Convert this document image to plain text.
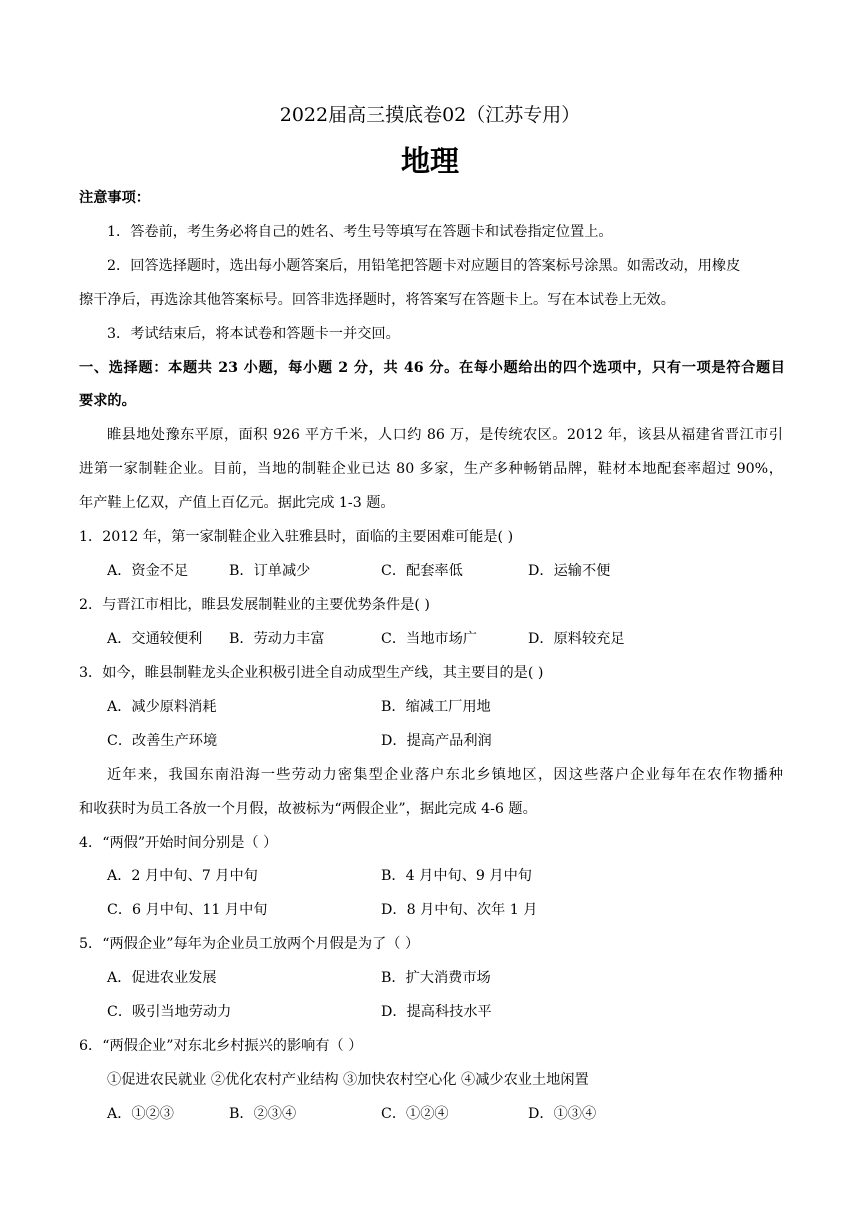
2022届高三摸底卷02（江苏专用）
地理
注意事项：
1．答卷前，考生务必将自己的姓名、考生号等填写在答题卡和试卷指定位置上。
2．回答选择题时，选出每小题答案后，用铅笔把答题卡对应题目的答案标号涂黑。如需改动，用橡皮
擦干净后，再选涂其他答案标号。回答非选择题时，将答案写在答题卡上。写在本试卷上无效。
3．考试结束后，将本试卷和答题卡一并交回。
一、选择题：本题共 23 小题，每小题 2 分，共 46 分。在每小题给出的四个选项中，只有一项是符合题目
要求的。
睢县地处豫东平原，面积 926 平方千米，人口约 86 万，是传统农区。2012 年，该县从福建省晋江市引
进第一家制鞋企业。目前，当地的制鞋企业已达 80 多家，生产多种畅销品牌，鞋材本地配套率超过 90%，
年产鞋上亿双，产值上百亿元。据此完成 1-3 题。
1．2012 年，第一家制鞋企业入驻雅县时，面临的主要困难可能是( )
A．资金不足	B．订单减少	C．配套率低	D．运输不便
2．与晋江市相比，睢县发展制鞋业的主要优势条件是( )
A．交通较便利 B．劳动力丰富	C．当地市场广	D．原料较充足
3．如今，睢县制鞋龙头企业积极引进全自动成型生产线，其主要目的是( )
A．减少原料消耗	B．缩减工厂用地
C．改善生产环境	D．提高产品利润
近年来，我国东南沿海一些劳动力密集型企业落户东北乡镇地区，因这些落户企业每年在农作物播种
和收获时为员工各放一个月假，故被标为“两假企业”，据此完成 4-6 题。
4．“两假”开始时间分别是（ ）
A．2 月中旬、7 月中旬	B．4 月中旬、9 月中旬
C．6 月中旬、11 月中旬	D．8 月中旬、次年 1 月
5．“两假企业”每年为企业员工放两个月假是为了（ ）
A．促进农业发展	B．扩大消费市场
C．吸引当地劳动力	D．提高科技水平
6．“两假企业”对东北乡村振兴的影响有（ ）
①促进农民就业 ②优化农村产业结构 ③加快农村空心化 ④减少农业土地闲置
A．①②③	B．②③④	C．①②④	D．①③④
